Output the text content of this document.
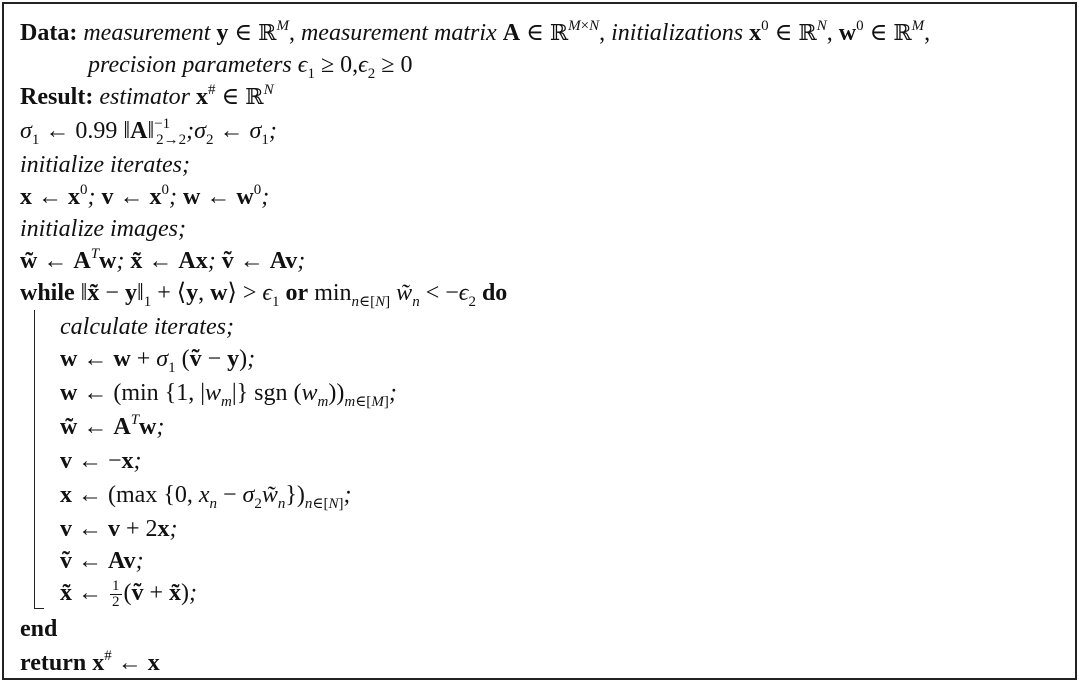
Data: measurement y ∈ ℝ$^M$, measurement matrix A ∈ ℝ$^{M\times N}$, initializations $x^0$ ∈ ℝ$^N$, $w^0$ ∈ ℝ$^M$,
precision parameters $\epsilon_1 \ge 0,\epsilon_2 \ge 0$
Result: estimator x# ∈ ℝ$^N$
$\sigma_1$ ← 0.99 $‖A‖^{-1}_{2\to 2};\sigma_2$ ← $\sigma_1$;
initialize iterates;
x ← $x^0$; v ← $x^0$; w ← $w^0$;
initialize images;
w̃ ← $A^Tw$; x̃ ← Ax; ṽ ← Av;
while ‖x̃ − $y‖_1$ + ⟨y, w⟩ > $\epsilon_1$ or $\min_{n\in[N]}$ $w̃_n < -\epsilon_2$ do
calculate iterates;
w ← $w + \sigma_1$ (ṽ − y);
w ← (min {1, $|w_m|$} sgn $(w_m))_{m\in[M]}$;
w̃ ← $A^Tw$;
v ← −x;
x ← (max {0, $x_n$ − $\sigma_2w̃_n\})_{n\in[N]}$;
v ← v + 2x;
ṽ ← Av;
x̃ ← $\frac{1}{2}$ (ṽ + x̃);
end
return x# ← x
